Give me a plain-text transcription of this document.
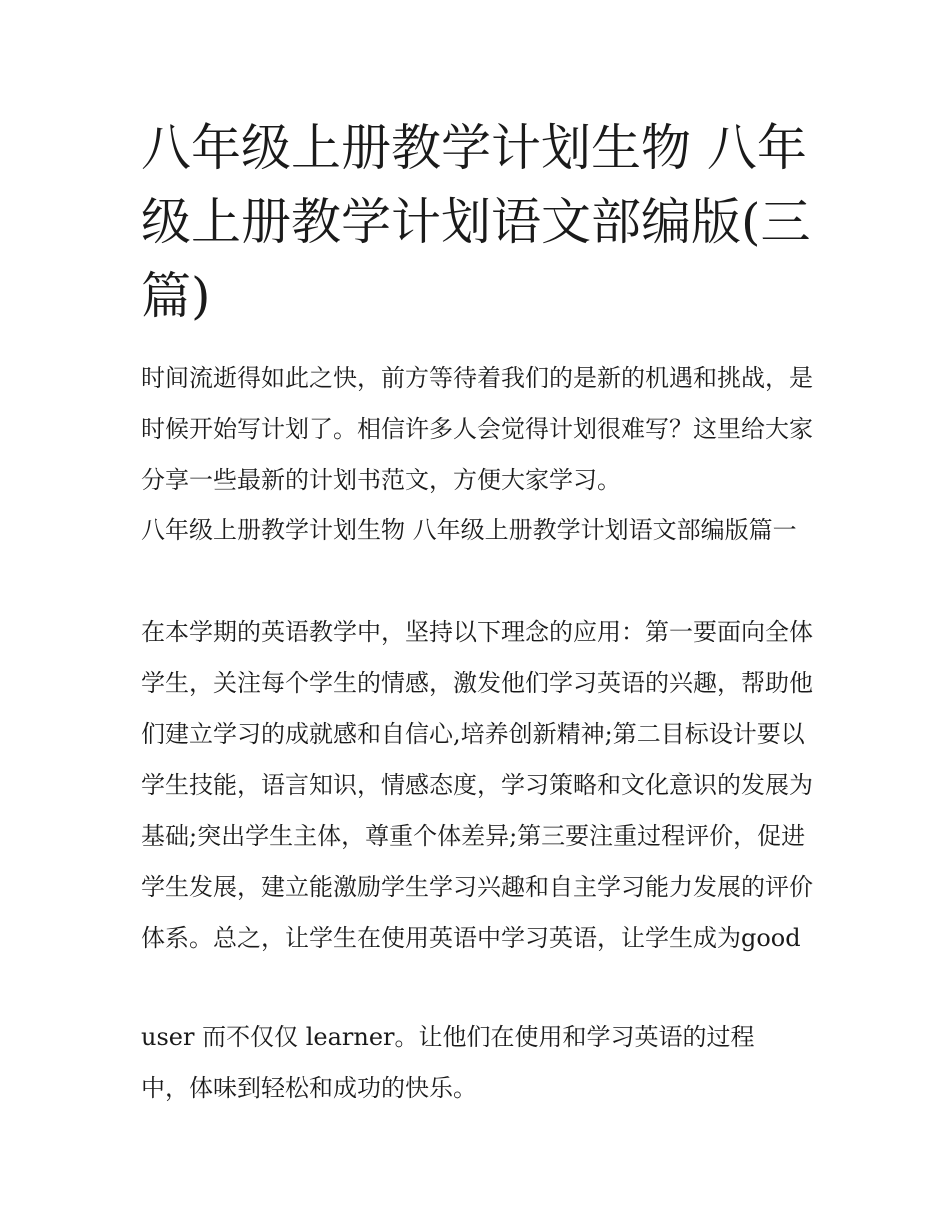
八年级上册教学计划生物 八年级上册教学计划语文部编版(三篇)

时间流逝得如此之快，前方等待着我们的是新的机遇和挑战，是时候开始写计划了。相信许多人会觉得计划很难写？这里给大家分享一些最新的计划书范文，方便大家学习。

八年级上册教学计划生物 八年级上册教学计划语文部编版篇一

在本学期的英语教学中，坚持以下理念的应用：第一要面向全体学生，关注每个学生的情感，激发他们学习英语的兴趣，帮助他们建立学习的成就感和自信心,培养创新精神;第二目标设计要以学生技能，语言知识，情感态度，学习策略和文化意识的发展为基础;突出学生主体，尊重个体差异;第三要注重过程评价，促进学生发展，建立能激励学生学习兴趣和自主学习能力发展的评价体系。总之，让学生在使用英语中学习英语，让学生成为good

user 而不仅仅 learner。让他们在使用和学习英语的过程中，体味到轻松和成功的快乐。
